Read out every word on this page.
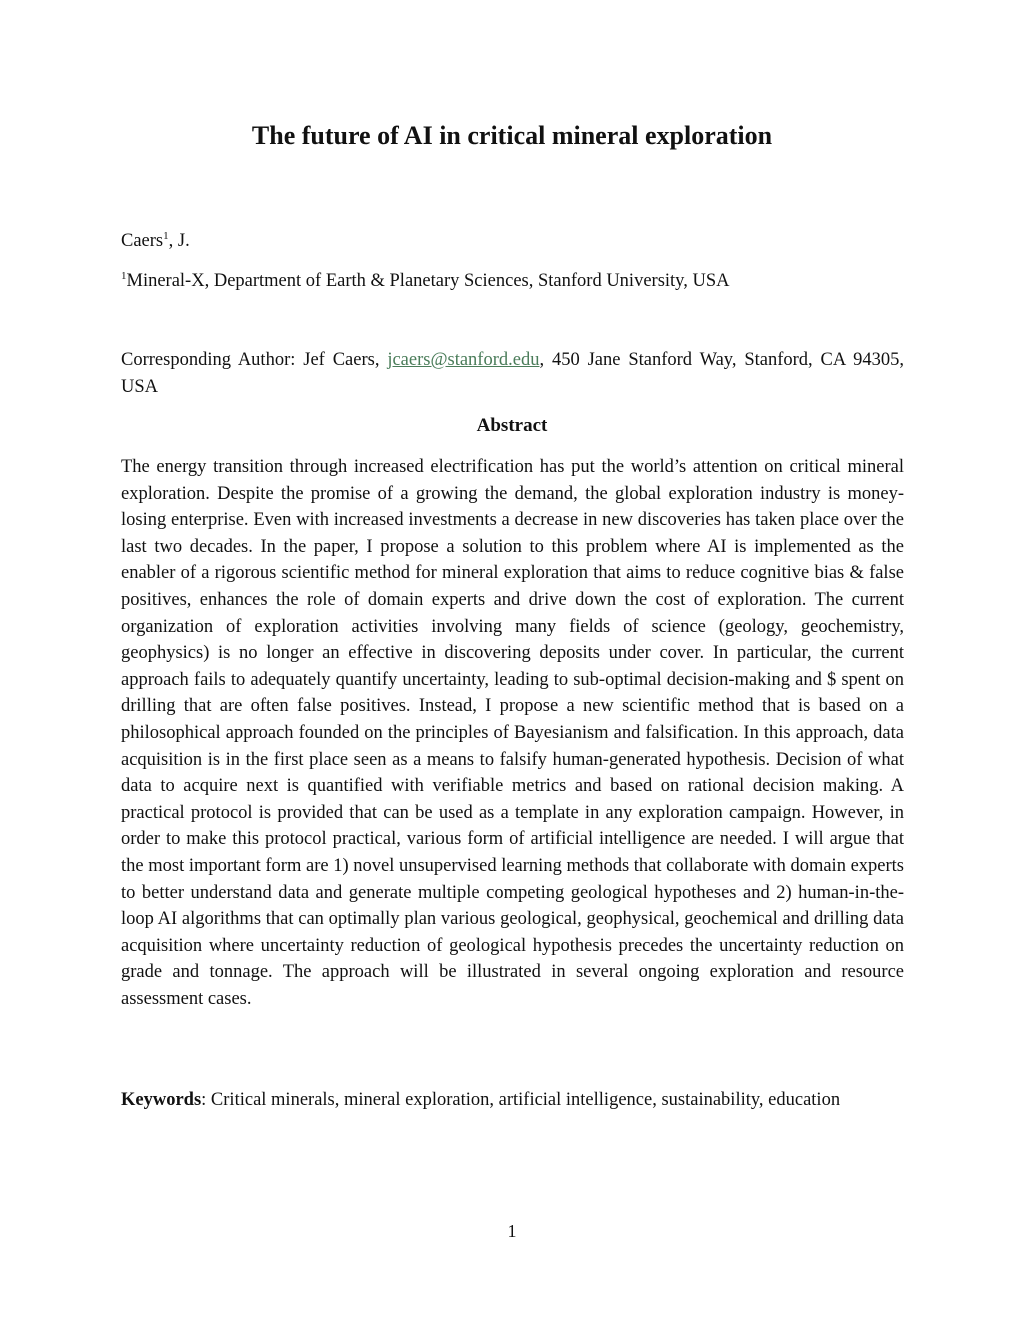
The future of AI in critical mineral exploration
Caers$^1$, J.
$^1$Mineral-X, Department of Earth & Planetary Sciences, Stanford University, USA
Corresponding Author: Jef Caers, jcaers@stanford.edu, 450 Jane Stanford Way, Stanford, CA 94305, USA
Abstract
The energy transition through increased electrification has put the world’s attention on critical mineral exploration. Despite the promise of a growing the demand, the global exploration industry is money-losing enterprise. Even with increased investments a decrease in new discoveries has taken place over the last two decades. In the paper, I propose a solution to this problem where AI is implemented as the enabler of a rigorous scientific method for mineral exploration that aims to reduce cognitive bias & false positives, enhances the role of domain experts and drive down the cost of exploration. The current organization of exploration activities involving many fields of science (geology, geochemistry, geophysics) is no longer an effective in discovering deposits under cover. In particular, the current approach fails to adequately quantify uncertainty, leading to sub-optimal decision-making and $ spent on drilling that are often false positives. Instead, I propose a new scientific method that is based on a philosophical approach founded on the principles of Bayesianism and falsification. In this approach, data acquisition is in the first place seen as a means to falsify human-generated hypothesis. Decision of what data to acquire next is quantified with verifiable metrics and based on rational decision making. A practical protocol is provided that can be used as a template in any exploration campaign. However, in order to make this protocol practical, various form of artificial intelligence are needed. I will argue that the most important form are 1) novel unsupervised learning methods that collaborate with domain experts to better understand data and generate multiple competing geological hypotheses and 2) human-in-the-loop AI algorithms that can optimally plan various geological, geophysical, geochemical and drilling data acquisition where uncertainty reduction of geological hypothesis precedes the uncertainty reduction on grade and tonnage. The approach will be illustrated in several ongoing exploration and resource assessment cases.
Keywords: Critical minerals, mineral exploration, artificial intelligence, sustainability, education
1
